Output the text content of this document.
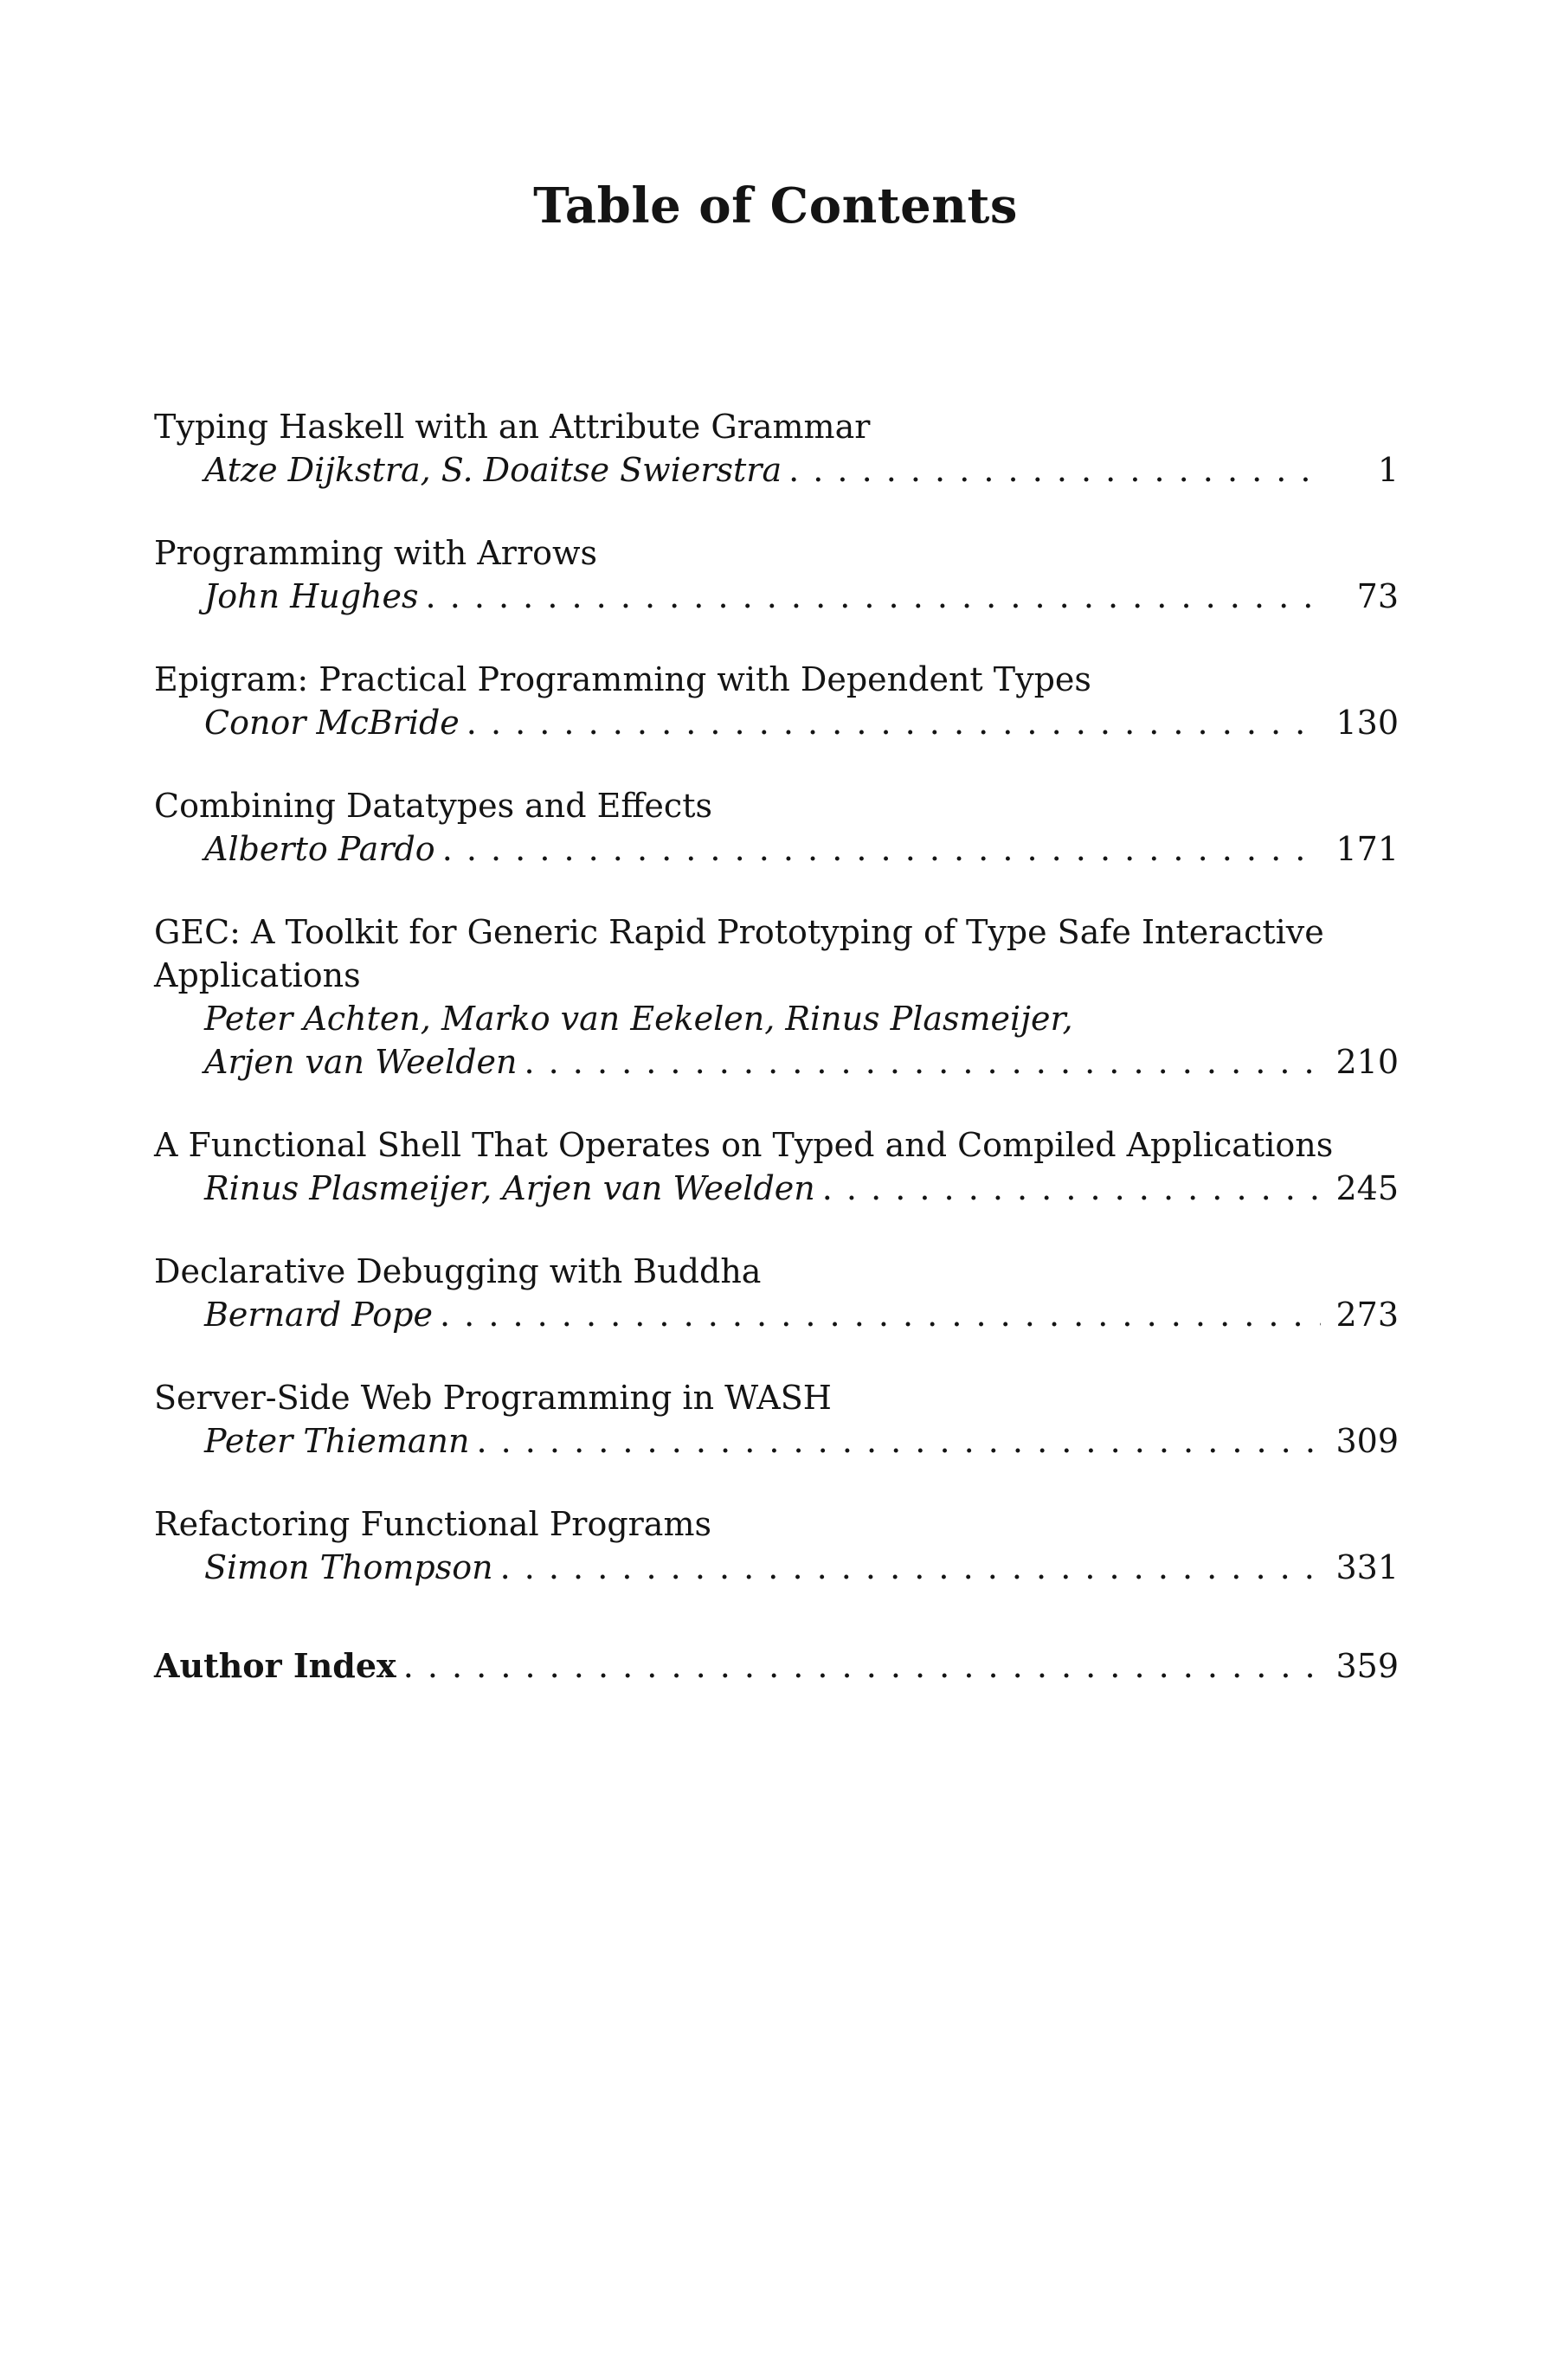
Table of Contents
Typing Haskell with an Attribute Grammar
Atze Dijkstra, S. Doaitse Swierstra . . .	1
Programming with Arrows
John Hughes . . .	73
Epigram: Practical Programming with Dependent Types
Conor McBride . . .	130
Combining Datatypes and Effects
Alberto Pardo . . .	171
GEC: A Toolkit for Generic Rapid Prototyping of Type Safe Interactive Applications
Peter Achten, Marko van Eekelen, Rinus Plasmeijer,
Arjen van Weelden . . .	210
A Functional Shell That Operates on Typed and Compiled Applications
Rinus Plasmeijer, Arjen van Weelden . . .	245
Declarative Debugging with Buddha
Bernard Pope . . .	273
Server-Side Web Programming in WASH
Peter Thiemann . . .	309
Refactoring Functional Programs
Simon Thompson . . .	331
Author Index . . .	359
